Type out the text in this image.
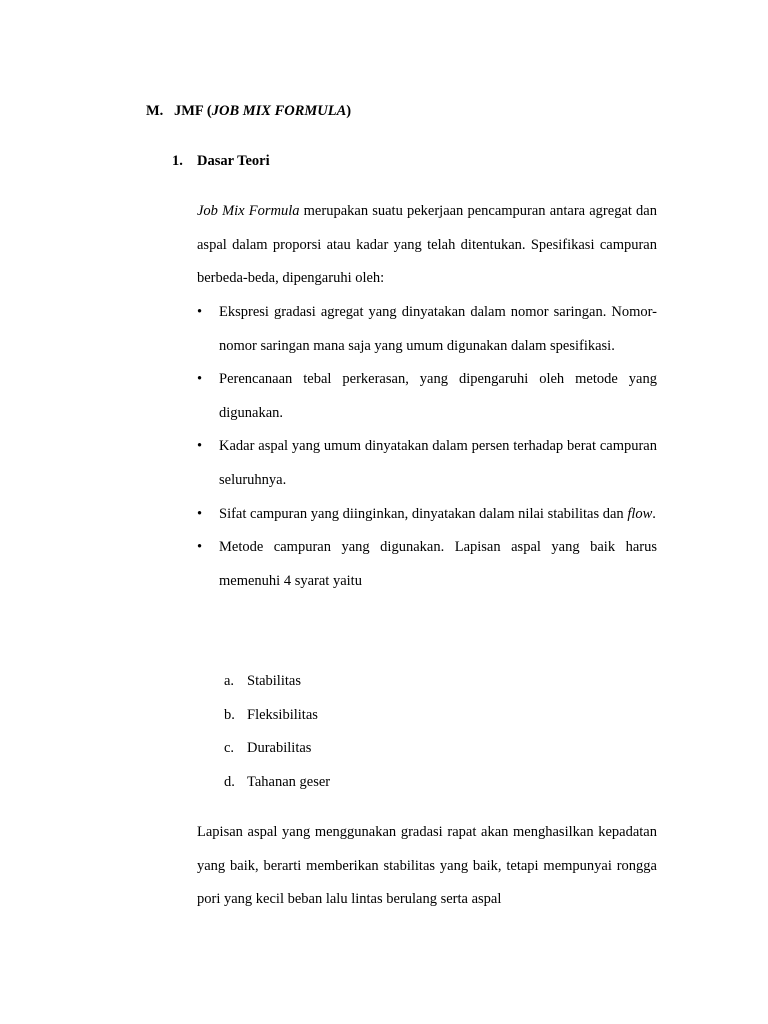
M. JMF (JOB MIX FORMULA)
1. Dasar Teori

Job Mix Formula merupakan suatu pekerjaan pencampuran antara agregat dan aspal dalam proporsi atau kadar yang telah ditentukan. Spesifikasi campuran berbeda-beda, dipengaruhi oleh:

• Ekspresi gradasi agregat yang dinyatakan dalam nomor saringan. Nomor-nomor saringan mana saja yang umum digunakan dalam spesifikasi.
• Perencanaan tebal perkerasan, yang dipengaruhi oleh metode yang digunakan.
• Kadar aspal yang umum dinyatakan dalam persen terhadap berat campuran seluruhnya.
• Sifat campuran yang diinginkan, dinyatakan dalam nilai stabilitas dan flow.
• Metode campuran yang digunakan. Lapisan aspal yang baik harus memenuhi 4 syarat yaitu
a. Stabilitas
b. Fleksibilitas
c. Durabilitas
d. Tahanan geser

Lapisan aspal yang menggunakan gradasi rapat akan menghasilkan kepadatan yang baik, berarti memberikan stabilitas yang baik, tetapi mempunyai rongga pori yang kecil beban lalu lintas berulang serta aspal
